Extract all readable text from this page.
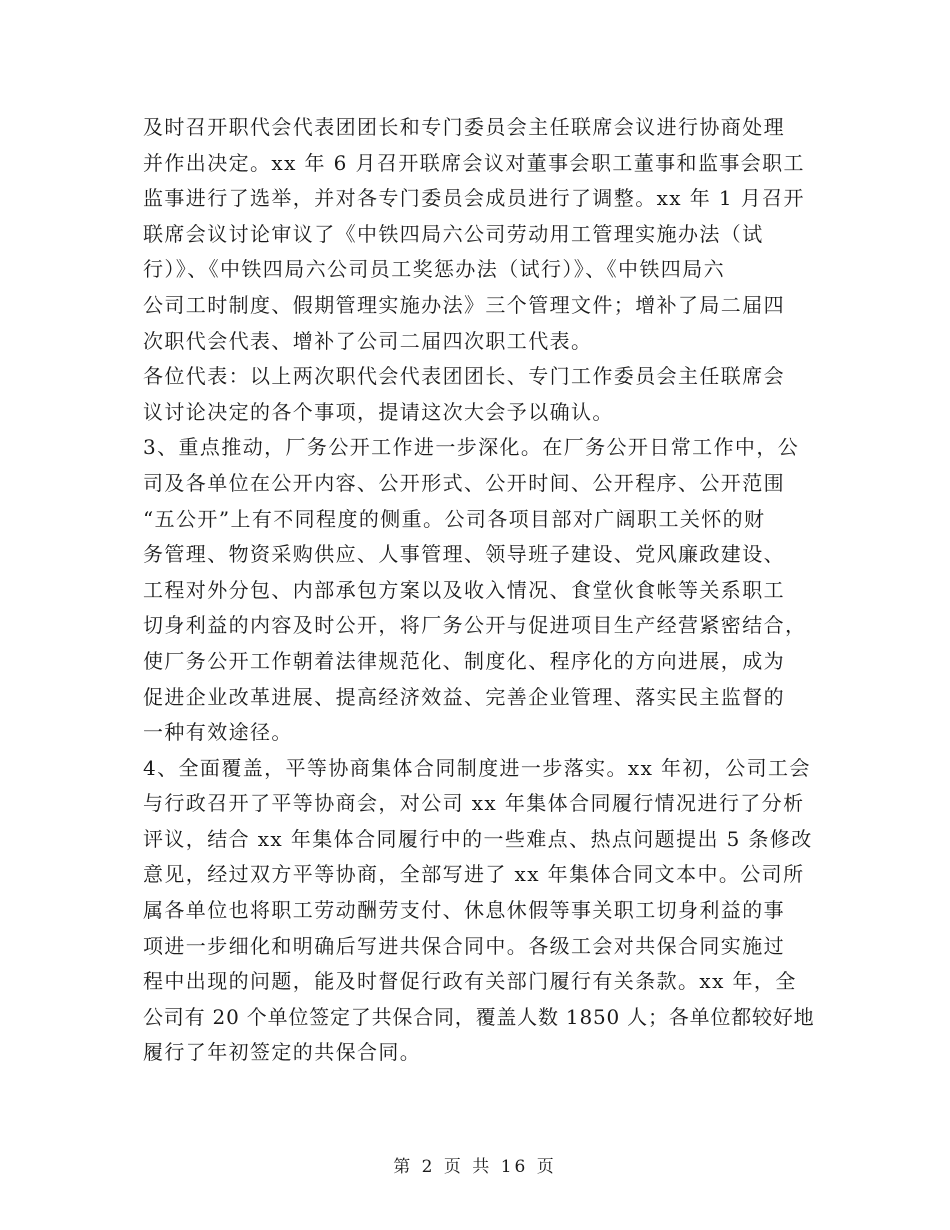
及时召开职代会代表团团长和专门委员会主任联席会议进行协商处理
并作出决定。xx 年 6 月召开联席会议对董事会职工董事和监事会职工
监事进行了选举，并对各专门委员会成员进行了调整。xx 年 1 月召开
联席会议讨论审议了《中铁四局六公司劳动用工管理实施办法（试
行）》、《中铁四局六公司员工奖惩办法（试行）》、《中铁四局六
公司工时制度、假期管理实施办法》三个管理文件；增补了局二届四
次职代会代表、增补了公司二届四次职工代表。
各位代表：以上两次职代会代表团团长、专门工作委员会主任联席会
议讨论决定的各个事项，提请这次大会予以确认。
3、重点推动，厂务公开工作进一步深化。在厂务公开日常工作中，公
司及各单位在公开内容、公开形式、公开时间、公开程序、公开范围
“五公开”上有不同程度的侧重。公司各项目部对广阔职工关怀的财
务管理、物资采购供应、人事管理、领导班子建设、党风廉政建设、
工程对外分包、内部承包方案以及收入情况、食堂伙食帐等关系职工
切身利益的内容及时公开，将厂务公开与促进项目生产经营紧密结合，
使厂务公开工作朝着法律规范化、制度化、程序化的方向进展，成为
促进企业改革进展、提高经济效益、完善企业管理、落实民主监督的
一种有效途径。
4、全面覆盖，平等协商集体合同制度进一步落实。xx 年初，公司工会
与行政召开了平等协商会，对公司 xx 年集体合同履行情况进行了分析
评议，结合 xx 年集体合同履行中的一些难点、热点问题提出 5 条修改
意见，经过双方平等协商，全部写进了 xx 年集体合同文本中。公司所
属各单位也将职工劳动酬劳支付、休息休假等事关职工切身利益的事
项进一步细化和明确后写进共保合同中。各级工会对共保合同实施过
程中出现的问题，能及时督促行政有关部门履行有关条款。xx 年，全
公司有 20 个单位签定了共保合同，覆盖人数 1850 人；各单位都较好地
履行了年初签定的共保合同。
第 2 页 共 16 页
